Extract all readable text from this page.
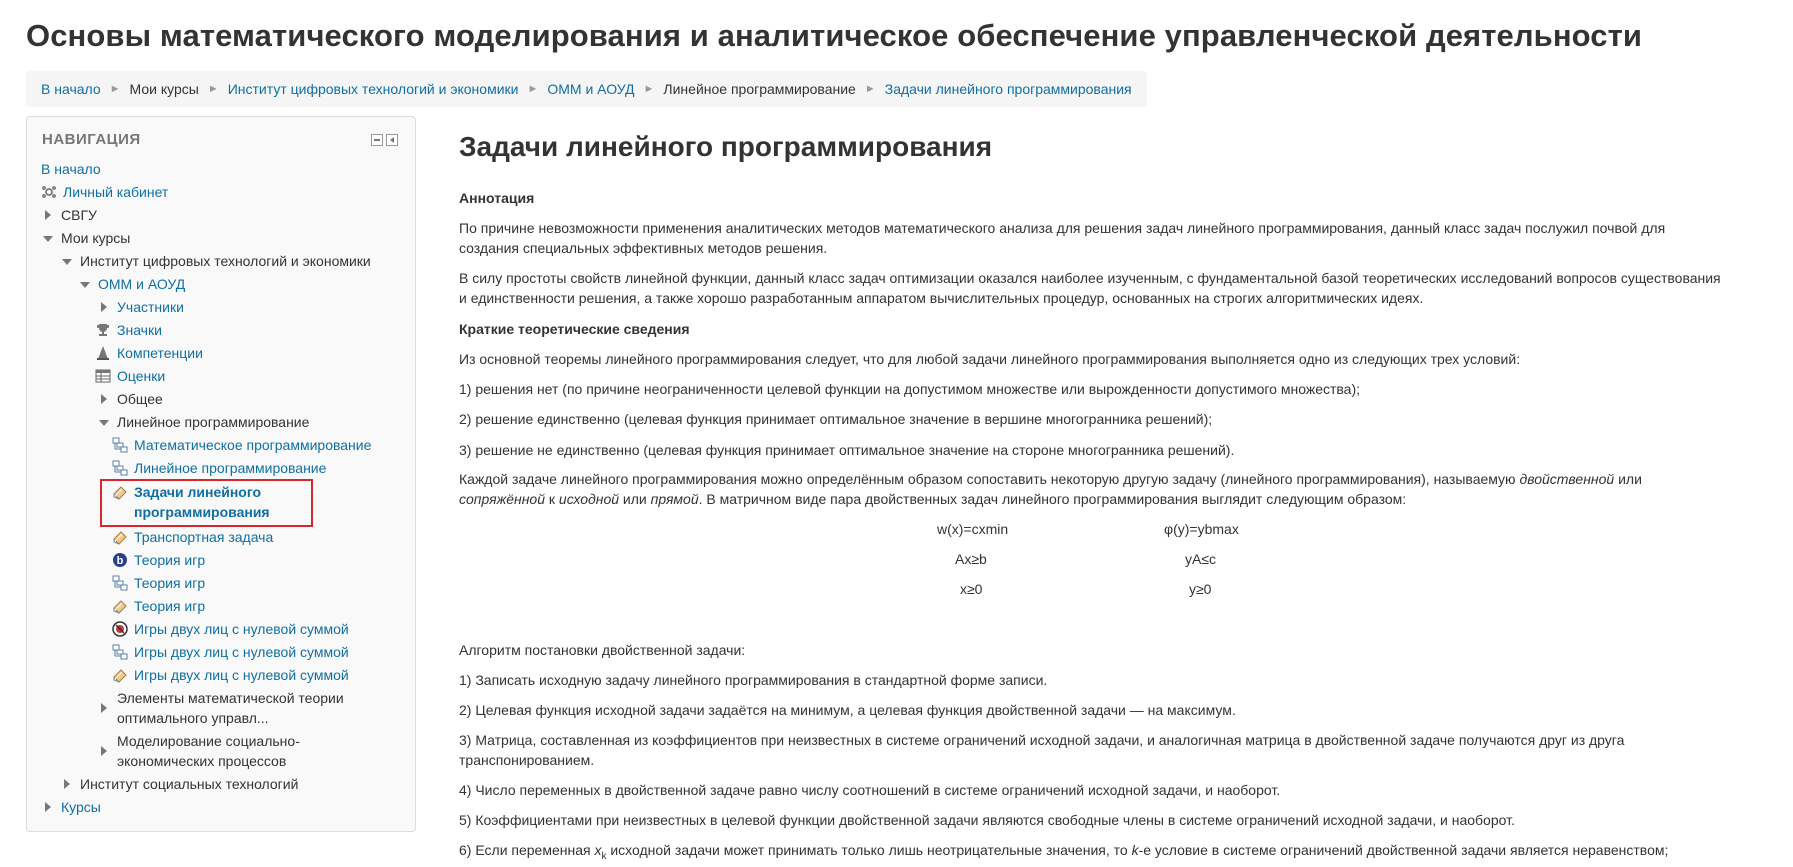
Основы математического моделирования и аналитическое обеспечение управленческой деятельности
В начало ► Мои курсы ► Институт цифровых технологий и экономики ► ОММ и АОУД ► Линейное программирование ► Задачи линейного программирования
НАВИГАЦИЯ
В начало
Личный кабинет
СВГУ
Мои курсы
Институт цифровых технологий и экономики
ОММ и АОУД
Участники
Значки
Компетенции
Оценки
Общее
Линейное программирование
Математическое программирование
Линейное программирование
Задачи линейного программирования
Транспортная задача
b Теория игр
Теория игр
Теория игр
Игры двух лиц с нулевой суммой
Игры двух лиц с нулевой суммой
Игры двух лиц с нулевой суммой
Элементы математической теории оптимального управл...
Моделирование социально-экономических процессов
Институт социальных технологий
Курсы
Задачи линейного программирования
Аннотация
По причине невозможности применения аналитических методов математического анализа для решения задач линейного программирования, данный класс задач послужил почвой для создания специальных эффективных методов решения.
В силу простоты свойств линейной функции, данный класс задач оптимизации оказался наиболее изученным, с фундаментальной базой теоретических исследований вопросов существования и единственности решения, а также хорошо разработанным аппаратом вычислительных процедур, основанных на строгих алгоритмических идеях.
Краткие теоретические сведения
Из основной теоремы линейного программирования следует, что для любой задачи линейного программирования выполняется одно из следующих трех условий:
1) решения нет (по причине неограниченности целевой функции на допустимом множестве или вырожденности допустимого множества);
2) решение единственно (целевая функция принимает оптимальное значение в вершине многогранника решений);
3) решение не единственно (целевая функция принимает оптимальное значение на стороне многогранника решений).
Каждой задаче линейного программирования можно определённым образом сопоставить некоторую другую задачу (линейного программирования), называемую двойственной или сопряжённой к исходной или прямой. В матричном виде пара двойственных задач линейного программирования выглядит следующим образом:
w(x)=cxmin
Ax≥b
x≥0
φ(y)=ybmax
yA≤c
y≥0
Алгоритм постановки двойственной задачи:
1) Записать исходную задачу линейного программирования в стандартной форме записи.
2) Целевая функция исходной задачи задаётся на минимум, а целевая функция двойственной задачи — на максимум.
3) Матрица, составленная из коэффициентов при неизвестных в системе ограничений исходной задачи, и аналогичная матрица в двойственной задаче получаются друг из друга транспонированием.
4) Число переменных в двойственной задаче равно числу соотношений в системе ограничений исходной задачи, и наоборот.
5) Коэффициентами при неизвестных в целевой функции двойственной задачи являются свободные члены в системе ограничений исходной задачи, и наоборот.
6) Если переменная $x_k$ исходной задачи может принимать только лишь неотрицательные значения, то k-е условие в системе ограничений двойственной задачи является неравенством;
